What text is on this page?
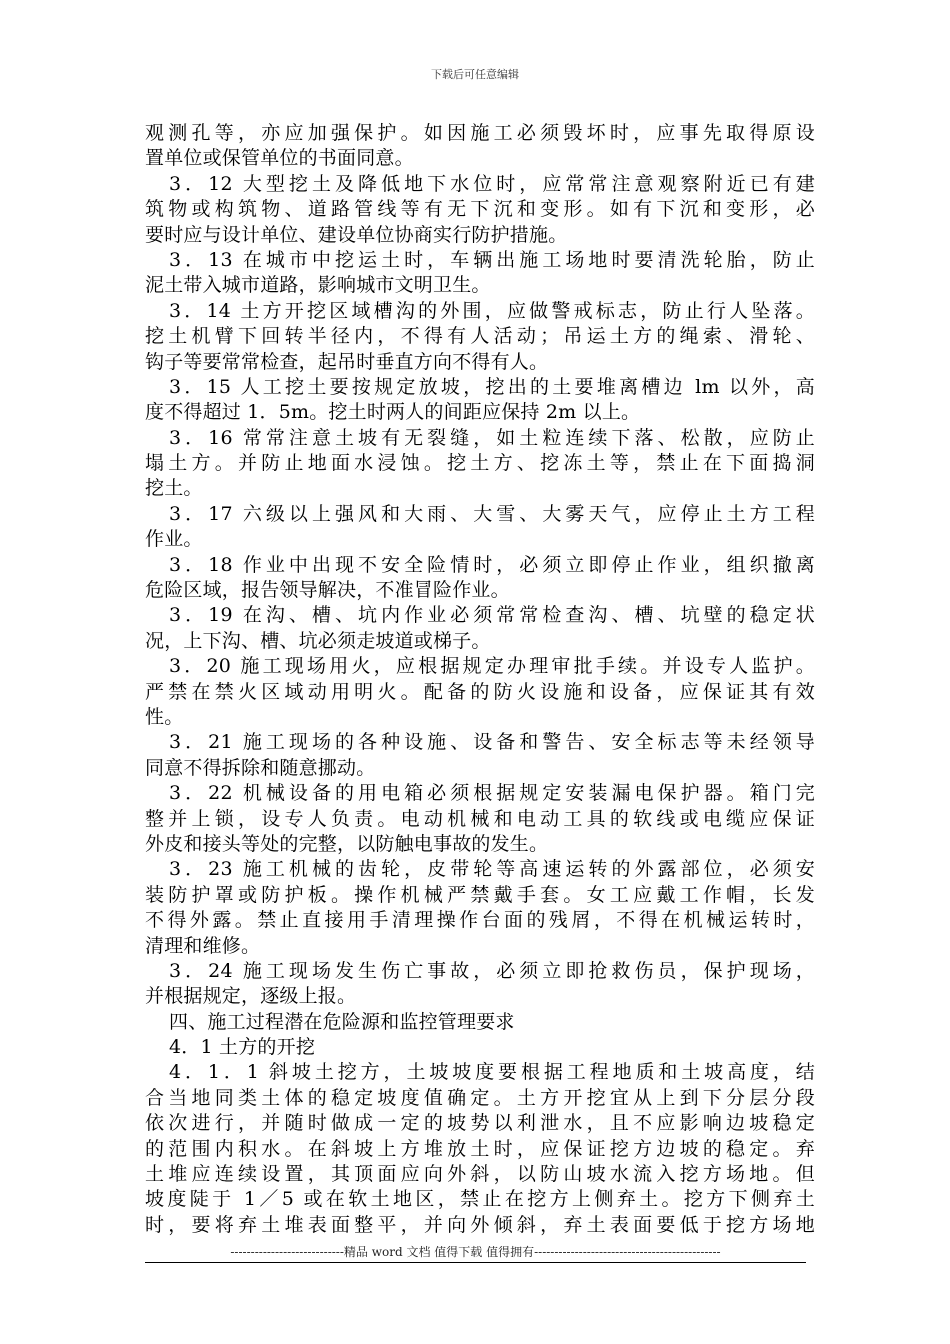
下载后可任意编辑
观测孔等，亦应加强保护。如因施工必须毁坏时，应事先取得原设
置单位或保管单位的书面同意。
3．12 大型挖土及降低地下水位时，应常常注意观察附近已有建
筑物或构筑物、道路管线等有无下沉和变形。如有下沉和变形，必
要时应与设计单位、建设单位协商实行防护措施。
3．13 在城市中挖运土时，车辆出施工场地时要清洗轮胎，防止
泥土带入城市道路，影响城市文明卫生。
3．14 土方开挖区域槽沟的外围，应做警戒标志，防止行人坠落。
挖土机臂下回转半径内，不得有人活动；吊运土方的绳索、滑轮、
钩子等要常常检查，起吊时垂直方向不得有人。
3．15 人工挖土要按规定放坡，挖出的土要堆离槽边 lm 以外，高
度不得超过 1．5m。挖土时两人的间距应保持 2m 以上。
3．16 常常注意土坡有无裂缝，如土粒连续下落、松散，应防止
塌土方。并防止地面水浸蚀。挖土方、挖冻土等，禁止在下面捣洞
挖土。
3．17 六级以上强风和大雨、大雪、大雾天气，应停止土方工程
作业。
3．18 作业中出现不安全险情时，必须立即停止作业，组织撤离
危险区域，报告领导解决，不准冒险作业。
3．19 在沟、槽、坑内作业必须常常检查沟、槽、坑壁的稳定状
况，上下沟、槽、坑必须走坡道或梯子。
3．20 施工现场用火，应根据规定办理审批手续。并设专人监护。
严禁在禁火区域动用明火。配备的防火设施和设备，应保证其有效
性。
3．21 施工现场的各种设施、设备和警告、安全标志等未经领导
同意不得拆除和随意挪动。
3．22 机械设备的用电箱必须根据规定安装漏电保护器。箱门完
整并上锁，设专人负责。电动机械和电动工具的软线或电缆应保证
外皮和接头等处的完整，以防触电事故的发生。
3．23 施工机械的齿轮，皮带轮等高速运转的外露部位，必须安
装防护罩或防护板。操作机械严禁戴手套。女工应戴工作帽，长发
不得外露。禁止直接用手清理操作台面的残屑，不得在机械运转时，
清理和维修。
3．24 施工现场发生伤亡事故，必须立即抢救伤员，保护现场，
并根据规定，逐级上报。
四、施工过程潜在危险源和监控管理要求
4．1 土方的开挖
4．1．1 斜坡土挖方，土坡坡度要根据工程地质和土坡高度，结
合当地同类土体的稳定坡度值确定。土方开挖宜从上到下分层分段
依次进行，并随时做成一定的坡势以利泄水，且不应影响边坡稳定
的范围内积水。在斜坡上方堆放土时，应保证挖方边坡的稳定。弃
土堆应连续设置，其顶面应向外斜，以防山坡水流入挖方场地。但
坡度陡于 1／5 或在软土地区，禁止在挖方上侧弃土。挖方下侧弃土
时，要将弃土堆表面整平，并向外倾斜，弃土表面要低于挖方场地
----------------------------精品 word 文档 值得下载 值得拥有----------------------------------------------
